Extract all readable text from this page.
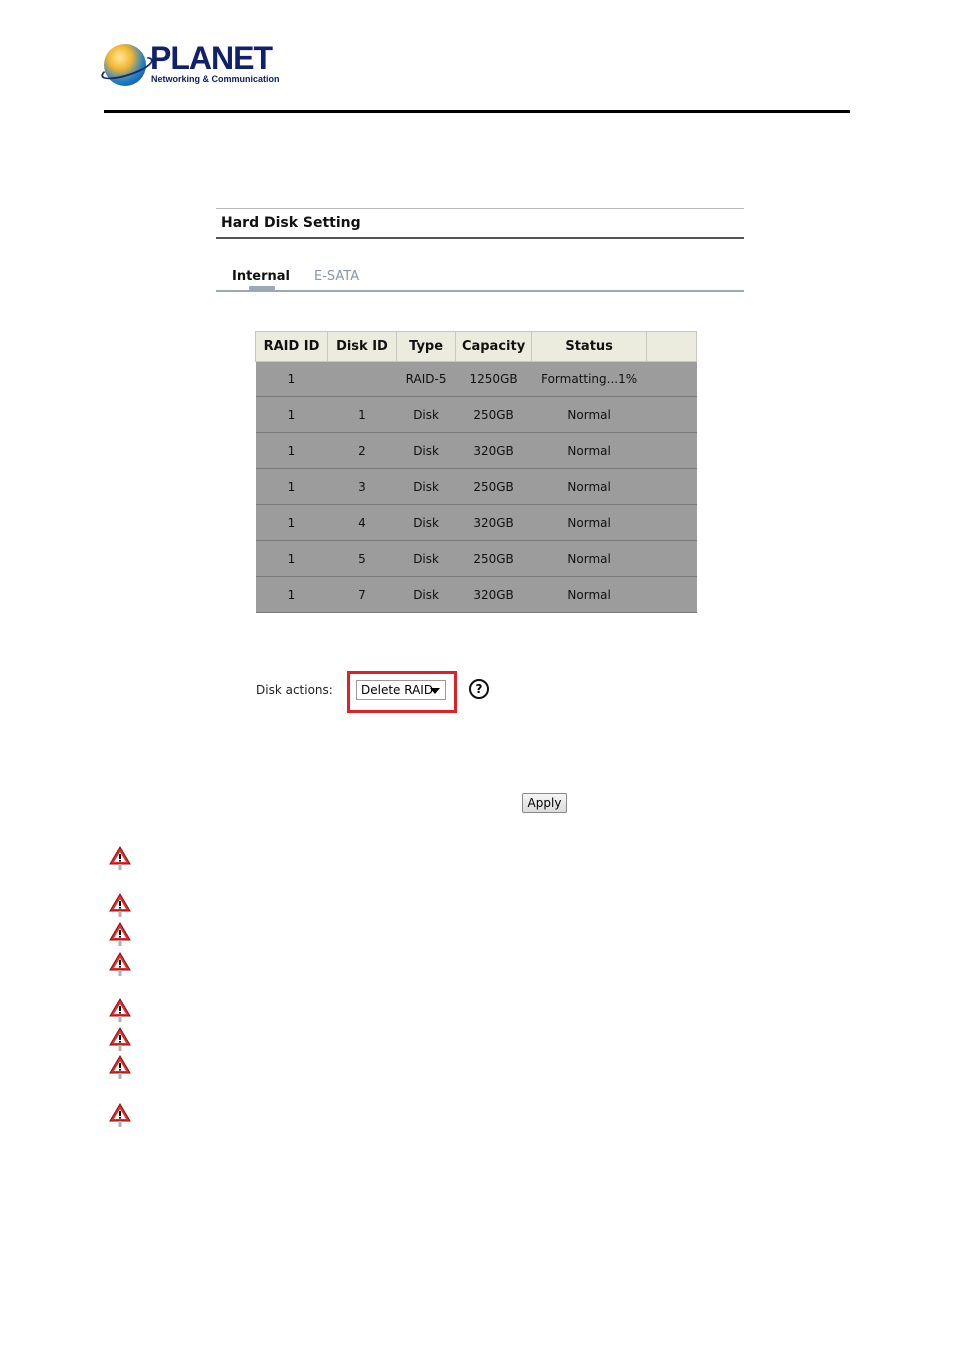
PLANET
Networking & Communication
Hard Disk Setting
Internal E-SATA
RAID ID	Disk ID	Type	Capacity	Status	
1		RAID-5	1250GB	Formatting...1%	
1	1	Disk	250GB	Normal	
1	2	Disk	320GB	Normal	
1	3	Disk	250GB	Normal	
1	4	Disk	320GB	Normal	
1	5	Disk	250GB	Normal	
1	7	Disk	320GB	Normal	
Disk actions:	Delete RAID	?
Apply
